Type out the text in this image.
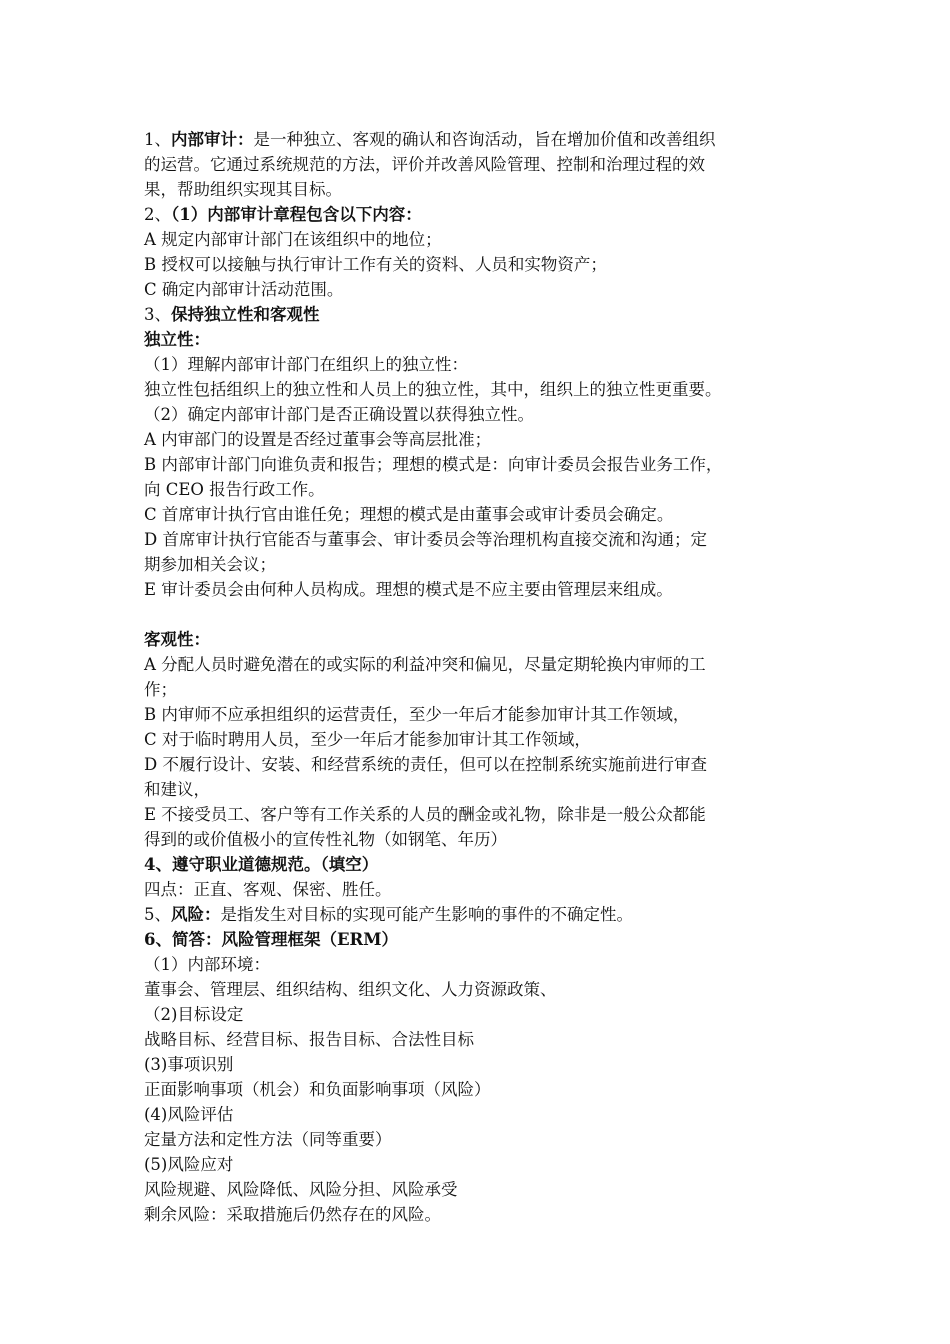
1、内部审计：是一种独立、客观的确认和咨询活动，旨在增加价值和改善组织
的运营。它通过系统规范的方法，评价并改善风险管理、控制和治理过程的效
果，帮助组织实现其目标。
2、（1）内部审计章程包含以下内容：
A 规定内部审计部门在该组织中的地位；
B 授权可以接触与执行审计工作有关的资料、人员和实物资产；
C 确定内部审计活动范围。
3、保持独立性和客观性
独立性：
（1）理解内部审计部门在组织上的独立性：
独立性包括组织上的独立性和人员上的独立性，其中，组织上的独立性更重要。
（2）确定内部审计部门是否正确设置以获得独立性。
A 内审部门的设置是否经过董事会等高层批准；
B 内部审计部门向谁负责和报告；理想的模式是：向审计委员会报告业务工作，
向 CEO 报告行政工作。
C 首席审计执行官由谁任免；理想的模式是由董事会或审计委员会确定。
D 首席审计执行官能否与董事会、审计委员会等治理机构直接交流和沟通；定
期参加相关会议；
E 审计委员会由何种人员构成。理想的模式是不应主要由管理层来组成。
客观性：
A 分配人员时避免潜在的或实际的利益冲突和偏见，尽量定期轮换内审师的工
作；
B 内审师不应承担组织的运营责任，至少一年后才能参加审计其工作领域，
C 对于临时聘用人员，至少一年后才能参加审计其工作领域，
D 不履行设计、安装、和经营系统的责任，但可以在控制系统实施前进行审查
和建议，
E 不接受员工、客户等有工作关系的人员的酬金或礼物，除非是一般公众都能
得到的或价值极小的宣传性礼物（如钢笔、年历）
4、遵守职业道德规范。（填空）
四点：正直、客观、保密、胜任。
5、风险：是指发生对目标的实现可能产生影响的事件的不确定性。
6、简答：风险管理框架（ERM）
（1）内部环境：
董事会、管理层、组织结构、组织文化、人力资源政策、
（2)目标设定
战略目标、经营目标、报告目标、合法性目标
(3)事项识别
正面影响事项（机会）和负面影响事项（风险）
(4)风险评估
定量方法和定性方法（同等重要）
(5)风险应对
风险规避、风险降低、风险分担、风险承受
剩余风险：采取措施后仍然存在的风险。
